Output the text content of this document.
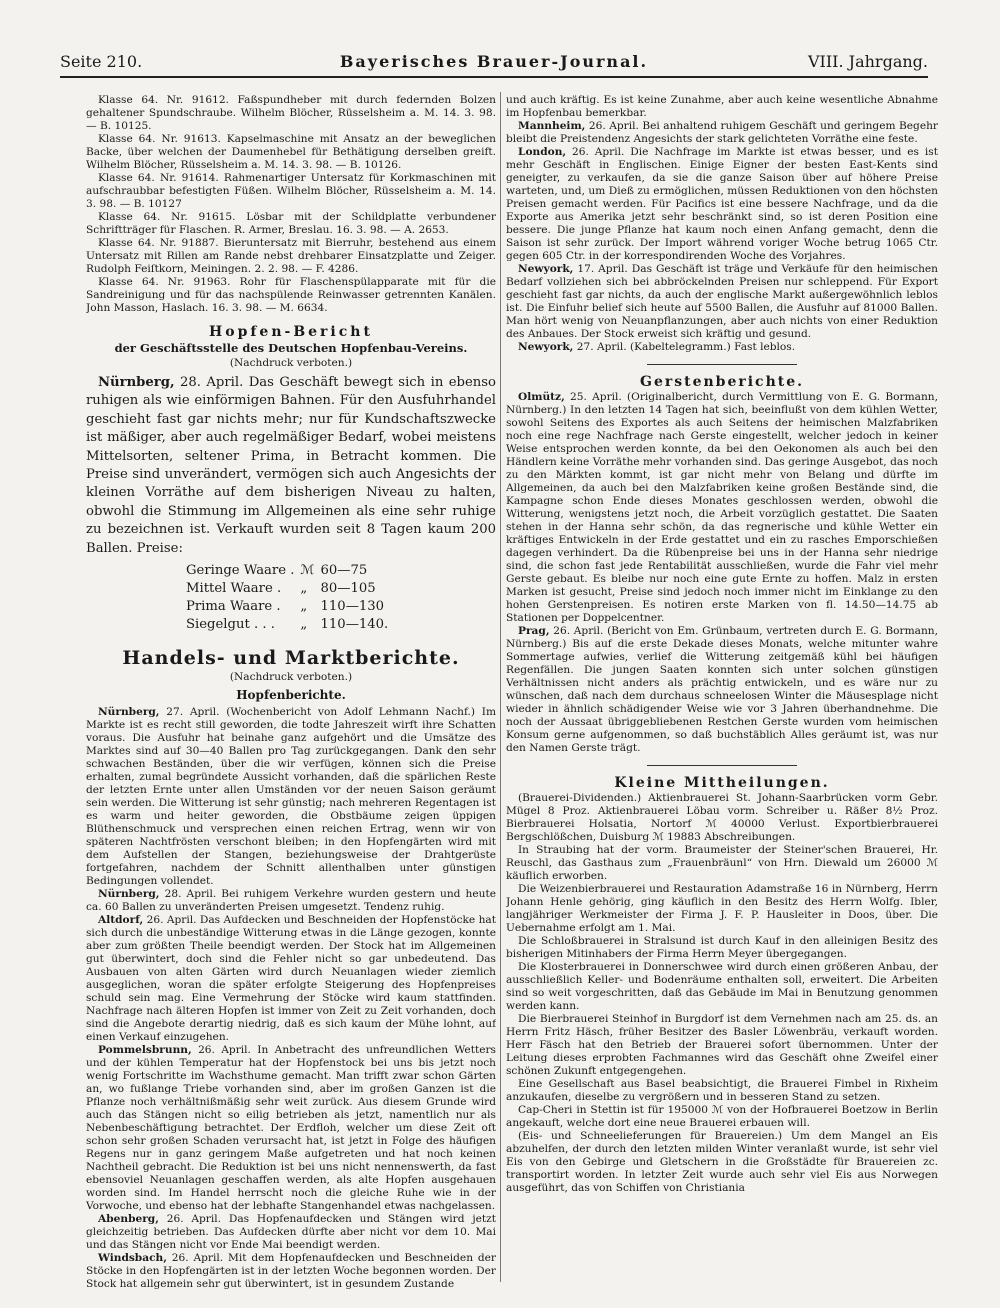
Seite 210.	Bayerisches Brauer-Journal.	VIII. Jahrgang.

Klasse 64. Nr. 91612. Faßspundheber mit durch federnden Bolzen gehaltener Spundschraube. Wilhelm Blöcher, Rüsselsheim a. M. 14. 3. 98. — B. 10125.

Klasse 64. Nr. 91613. Kapselmaschine mit Ansatz an der beweglichen Backe, über welchen der Daumenhebel für Bethätigung derselben greift. Wilhelm Blöcher, Rüsselsheim a. M. 14. 3. 98. — B. 10126.

Klasse 64. Nr. 91614. Rahmenartiger Untersatz für Korkmaschinen mit aufschraubbar befestigten Füßen. Wilhelm Blöcher, Rüsselsheim a. M. 14. 3. 98. — B. 10127

Klasse 64. Nr. 91615. Lösbar mit der Schildplatte verbundener Schriftträger für Flaschen. R. Armer, Breslau. 16. 3. 98. — A. 2653.

Klasse 64. Nr. 91887. Bieruntersatz mit Bierruhr, bestehend aus einem Untersatz mit Rillen am Rande nebst drehbarer Einsatzplatte und Zeiger. Rudolph Feiſtkorn, Meiningen. 2. 2. 98. — F. 4286.

Klasse 64. Nr. 91963. Rohr für Flaschenspülapparate mit für die Sandreinigung und für das nachspülende Reinwasser getrennten Kanälen. John Masson, Haslach. 16. 3. 98. — M. 6634.

Hopfen-Bericht
der Geschäftsstelle des Deutschen Hopfenbau-Vereins.
(Nachdruck verboten.)

Nürnberg, 28. April. Das Geschäft bewegt sich in ebenso ruhigen als wie einförmigen Bahnen. Für den Ausfuhrhandel geschieht fast gar nichts mehr; nur für Kundschaftszwecke ist mäßiger, aber auch regelmäßiger Bedarf, wobei meistens Mittelsorten, seltener Prima, in Betracht kommen. Die Preise sind unverändert, vermögen sich auch Angesichts der kleinen Vorräthe auf dem bisherigen Niveau zu halten, obwohl die Stimmung im Allgemeinen als eine sehr ruhige zu bezeichnen ist. Verkauft wurden seit 8 Tagen kaum 200 Ballen. Preise:

Geringe Waare .	ℳ	60—75
Mittel Waare .	„	80—105
Prima Waare .	„	110—130
Siegelgut . . .	„	110—140.
Handels- und Marktberichte.
(Nachdruck verboten.)
Hopfenberichte.

Nürnberg, 27. April. (Wochenbericht von Adolf Lehmann Nachf.) Im Markte ist es recht still geworden, die todte Jahreszeit wirft ihre Schatten voraus. Die Ausfuhr hat beinahe ganz aufgehört und die Umsätze des Marktes sind auf 30—40 Ballen pro Tag zurückgegangen. Dank den sehr schwachen Beständen, über die wir verfügen, können sich die Preise erhalten, zumal begründete Aussicht vorhanden, daß die spärlichen Reste der letzten Ernte unter allen Umständen vor der neuen Saison geräumt sein werden. Die Witterung ist sehr günstig; nach mehreren Regentagen ist es warm und heiter geworden, die Obstbäume zeigen üppigen Blüthenschmuck und versprechen einen reichen Ertrag, wenn wir von späteren Nachtfrösten verschont bleiben; in den Hopfengärten wird mit dem Aufstellen der Stangen, beziehungsweise der Drahtgerüste fortgefahren, nachdem der Schnitt allenthalben unter günstigen Bedingungen vollendet.

Nürnberg, 28. April. Bei ruhigem Verkehre wurden gestern und heute ca. 60 Ballen zu unveränderten Preisen umgesetzt. Tendenz ruhig.

Altdorf, 26. April. Das Aufdecken und Beschneiden der Hopfenstöcke hat sich durch die unbeständige Witterung etwas in die Länge gezogen, konnte aber zum größten Theile beendigt werden. Der Stock hat im Allgemeinen gut überwintert, doch sind die Fehler nicht so gar unbedeutend. Das Ausbauen von alten Gärten wird durch Neuanlagen wieder ziemlich ausgeglichen, woran die später erfolgte Steigerung des Hopfenpreises schuld sein mag. Eine Vermehrung der Stöcke wird kaum stattfinden. Nachfrage nach älteren Hopfen ist immer von Zeit zu Zeit vorhanden, doch sind die Angebote derartig niedrig, daß es sich kaum der Mühe lohnt, auf einen Verkauf einzugehen.

Pommelsbrunn, 26. April. In Anbetracht des unfreundlichen Wetters und der kühlen Temperatur hat der Hopfenstock bei uns bis jetzt noch wenig Fortschritte im Wachsthume gemacht. Man trifft zwar schon Gärten an, wo fußlange Triebe vorhanden sind, aber im großen Ganzen ist die Pflanze noch verhältnißmäßig sehr weit zurück. Aus diesem Grunde wird auch das Stängen nicht so eilig betrieben als jetzt, namentlich nur als Nebenbeschäftigung betrachtet. Der Erdfloh, welcher um diese Zeit oft schon sehr großen Schaden verursacht hat, ist jetzt in Folge des häufigen Regens nur in ganz geringem Maße aufgetreten und hat noch keinen Nachtheil gebracht. Die Reduktion ist bei uns nicht nennenswerth, da fast ebensoviel Neuanlagen geschaffen werden, als alte Hopfen ausgehauen worden sind. Im Handel herrscht noch die gleiche Ruhe wie in der Vorwoche, und ebenso hat der lebhafte Stangenhandel etwas nachgelassen.

Abenberg, 26. April. Das Hopfenaufdecken und Stängen wird jetzt gleichzeitig betrieben. Das Aufdecken dürfte aber nicht vor dem 10. Mai und das Stängen nicht vor Ende Mai beendigt werden.

Windsbach, 26. April. Mit dem Hopfenaufdecken und Beschneiden der Stöcke in den Hopfengärten ist in der letzten Woche begonnen worden. Der Stock hat allgemein sehr gut überwintert, ist in gesundem Zustande

und auch kräftig. Es ist keine Zunahme, aber auch keine wesentliche Abnahme im Hopfenbau bemerkbar.

Mannheim, 26. April. Bei anhaltend ruhigem Geschäft und geringem Begehr bleibt die Preistendenz Angesichts der stark gelichteten Vorräthe eine feste.

London, 26. April. Die Nachfrage im Markte ist etwas besser, und es ist mehr Geschäft in Englischen. Einige Eigner der besten East-Kents sind geneigter, zu verkaufen, da sie die ganze Saison über auf höhere Preise warteten, und, um Dieß zu ermöglichen, müssen Reduktionen von den höchsten Preisen gemacht werden. Für Pacifics ist eine bessere Nachfrage, und da die Exporte aus Amerika jetzt sehr beschränkt sind, so ist deren Position eine bessere. Die junge Pflanze hat kaum noch einen Anfang gemacht, denn die Saison ist sehr zurück. Der Import während voriger Woche betrug 1065 Ctr. gegen 605 Ctr. in der korrespondirenden Woche des Vorjahres.

Newyork, 17. April. Das Geschäft ist träge und Verkäufe für den heimischen Bedarf vollziehen sich bei abbröckelnden Preisen nur schleppend. Für Export geschieht fast gar nichts, da auch der englische Markt außergewöhnlich leblos ist. Die Einfuhr belief sich heute auf 5500 Ballen, die Ausfuhr auf 81000 Ballen. Man hört wenig von Neuanpflanzungen, aber auch nichts von einer Reduktion des Anbaues. Der Stock erweist sich kräftig und gesund.

Newyork, 27. April. (Kabeltelegramm.) Fast leblos.

Gerstenberichte.

Olmütz, 25. April. (Originalbericht, durch Vermittlung von E. G. Bormann, Nürnberg.) In den letzten 14 Tagen hat sich, beeinflußt von dem kühlen Wetter, sowohl Seitens des Exportes als auch Seitens der heimischen Malzfabriken noch eine rege Nachfrage nach Gerste eingestellt, welcher jedoch in keiner Weise entsprochen werden konnte, da bei den Oekonomen als auch bei den Händlern keine Vorräthe mehr vorhanden sind. Das geringe Ausgebot, das noch zu den Märkten kommt, ist gar nicht mehr von Belang und dürfte im Allgemeinen, da auch bei den Malzfabriken keine großen Bestände sind, die Kampagne schon Ende dieses Monates geschlossen werden, obwohl die Witterung, wenigstens jetzt noch, die Arbeit vorzüglich gestattet. Die Saaten stehen in der Hanna sehr schön, da das regnerische und kühle Wetter ein kräftiges Entwickeln in der Erde gestattet und ein zu rasches Emporschießen dagegen verhindert. Da die Rübenpreise bei uns in der Hanna sehr niedrige sind, die schon fast jede Rentabilität ausschließen, wurde die Fahr viel mehr Gerste gebaut. Es bleibe nur noch eine gute Ernte zu hoffen. Malz in ersten Marken ist gesucht, Preise sind jedoch noch immer nicht im Einklange zu den hohen Gerstenpreisen. Es notiren erste Marken von fl. 14.50—14.75 ab Stationen per Doppelcentner.

Prag, 26. April. (Bericht von Em. Grünbaum, vertreten durch E. G. Bormann, Nürnberg.) Bis auf die erste Dekade dieses Monats, welche mitunter wahre Sommertage aufwies, verlief die Witterung zeitgemäß kühl bei häufigen Regenfällen. Die jungen Saaten konnten sich unter solchen günstigen Verhältnissen nicht anders als prächtig entwickeln, und es wäre nur zu wünschen, daß nach dem durchaus schneelosen Winter die Mäusesplage nicht wieder in ähnlich schädigender Weise wie vor 3 Jahren überhandnehme. Die noch der Aussaat übriggebliebenen Restchen Gerste wurden vom heimischen Konsum gerne aufgenommen, so daß buchstäblich Alles geräumt ist, was nur den Namen Gerste trägt.

Kleine Mittheilungen.

(Brauerei-Dividenden.) Aktienbrauerei St. Johann-Saarbrücken vorm Gebr. Mügel 8 Proz. Aktienbrauerei Löbau vorm. Schreiber u. Räßer 8½ Proz. Bierbrauerei Holsatia, Nortorf ℳ 40000 Verlust. Exportbierbrauerei Bergschlößchen, Duisburg ℳ 19883 Abschreibungen.

In Straubing hat der vorm. Braumeister der Steiner'schen Brauerei, Hr. Reuschl, das Gasthaus zum „Frauenbräunl“ von Hrn. Diewald um 26000 ℳ käuflich erworben.

Die Weizenbierbrauerei und Restauration Adamstraße 16 in Nürnberg, Herrn Johann Henle gehörig, ging käuflich in den Besitz des Herrn Wolfg. Ibler, langjähriger Werkmeister der Firma J. F. P. Hausleiter in Doos, über. Die Uebernahme erfolgt am 1. Mai.

Die Schloßbrauerei in Stralsund ist durch Kauf in den alleinigen Besitz des bisherigen Mitinhabers der Firma Herrn Meyer übergegangen.

Die Klosterbrauerei in Donnerschwee wird durch einen größeren Anbau, der ausschließlich Keller- und Bodenräume enthalten soll, erweitert. Die Arbeiten sind so weit vorgeschritten, daß das Gebäude im Mai in Benutzung genommen werden kann.

Die Bierbrauerei Steinhof in Burgdorf ist dem Vernehmen nach am 25. ds. an Herrn Fritz Häsch, früher Besitzer des Basler Löwenbräu, verkauft worden. Herr Fäsch hat den Betrieb der Brauerei sofort übernommen. Unter der Leitung dieses erprobten Fachmannes wird das Geschäft ohne Zweifel einer schönen Zukunft entgegengehen.

Eine Gesellschaft aus Basel beabsichtigt, die Brauerei Fimbel in Rixheim anzukaufen, dieselbe zu vergrößern und in besseren Stand zu setzen.

Cap-Cheri in Stettin ist für 195000 ℳ von der Hofbrauerei Boetzow in Berlin angekauft, welche dort eine neue Brauerei erbauen will.

(Eis- und Schneelieferungen für Brauereien.) Um dem Mangel an Eis abzuhelfen, der durch den letzten milden Winter veranlaßt wurde, ist sehr viel Eis von den Gebirge und Gletschern in die Großstädte für Brauereien zc. transportirt worden. In letzter Zeit wurde auch sehr viel Eis aus Norwegen ausgeführt, das von Schiffen von Christiania
